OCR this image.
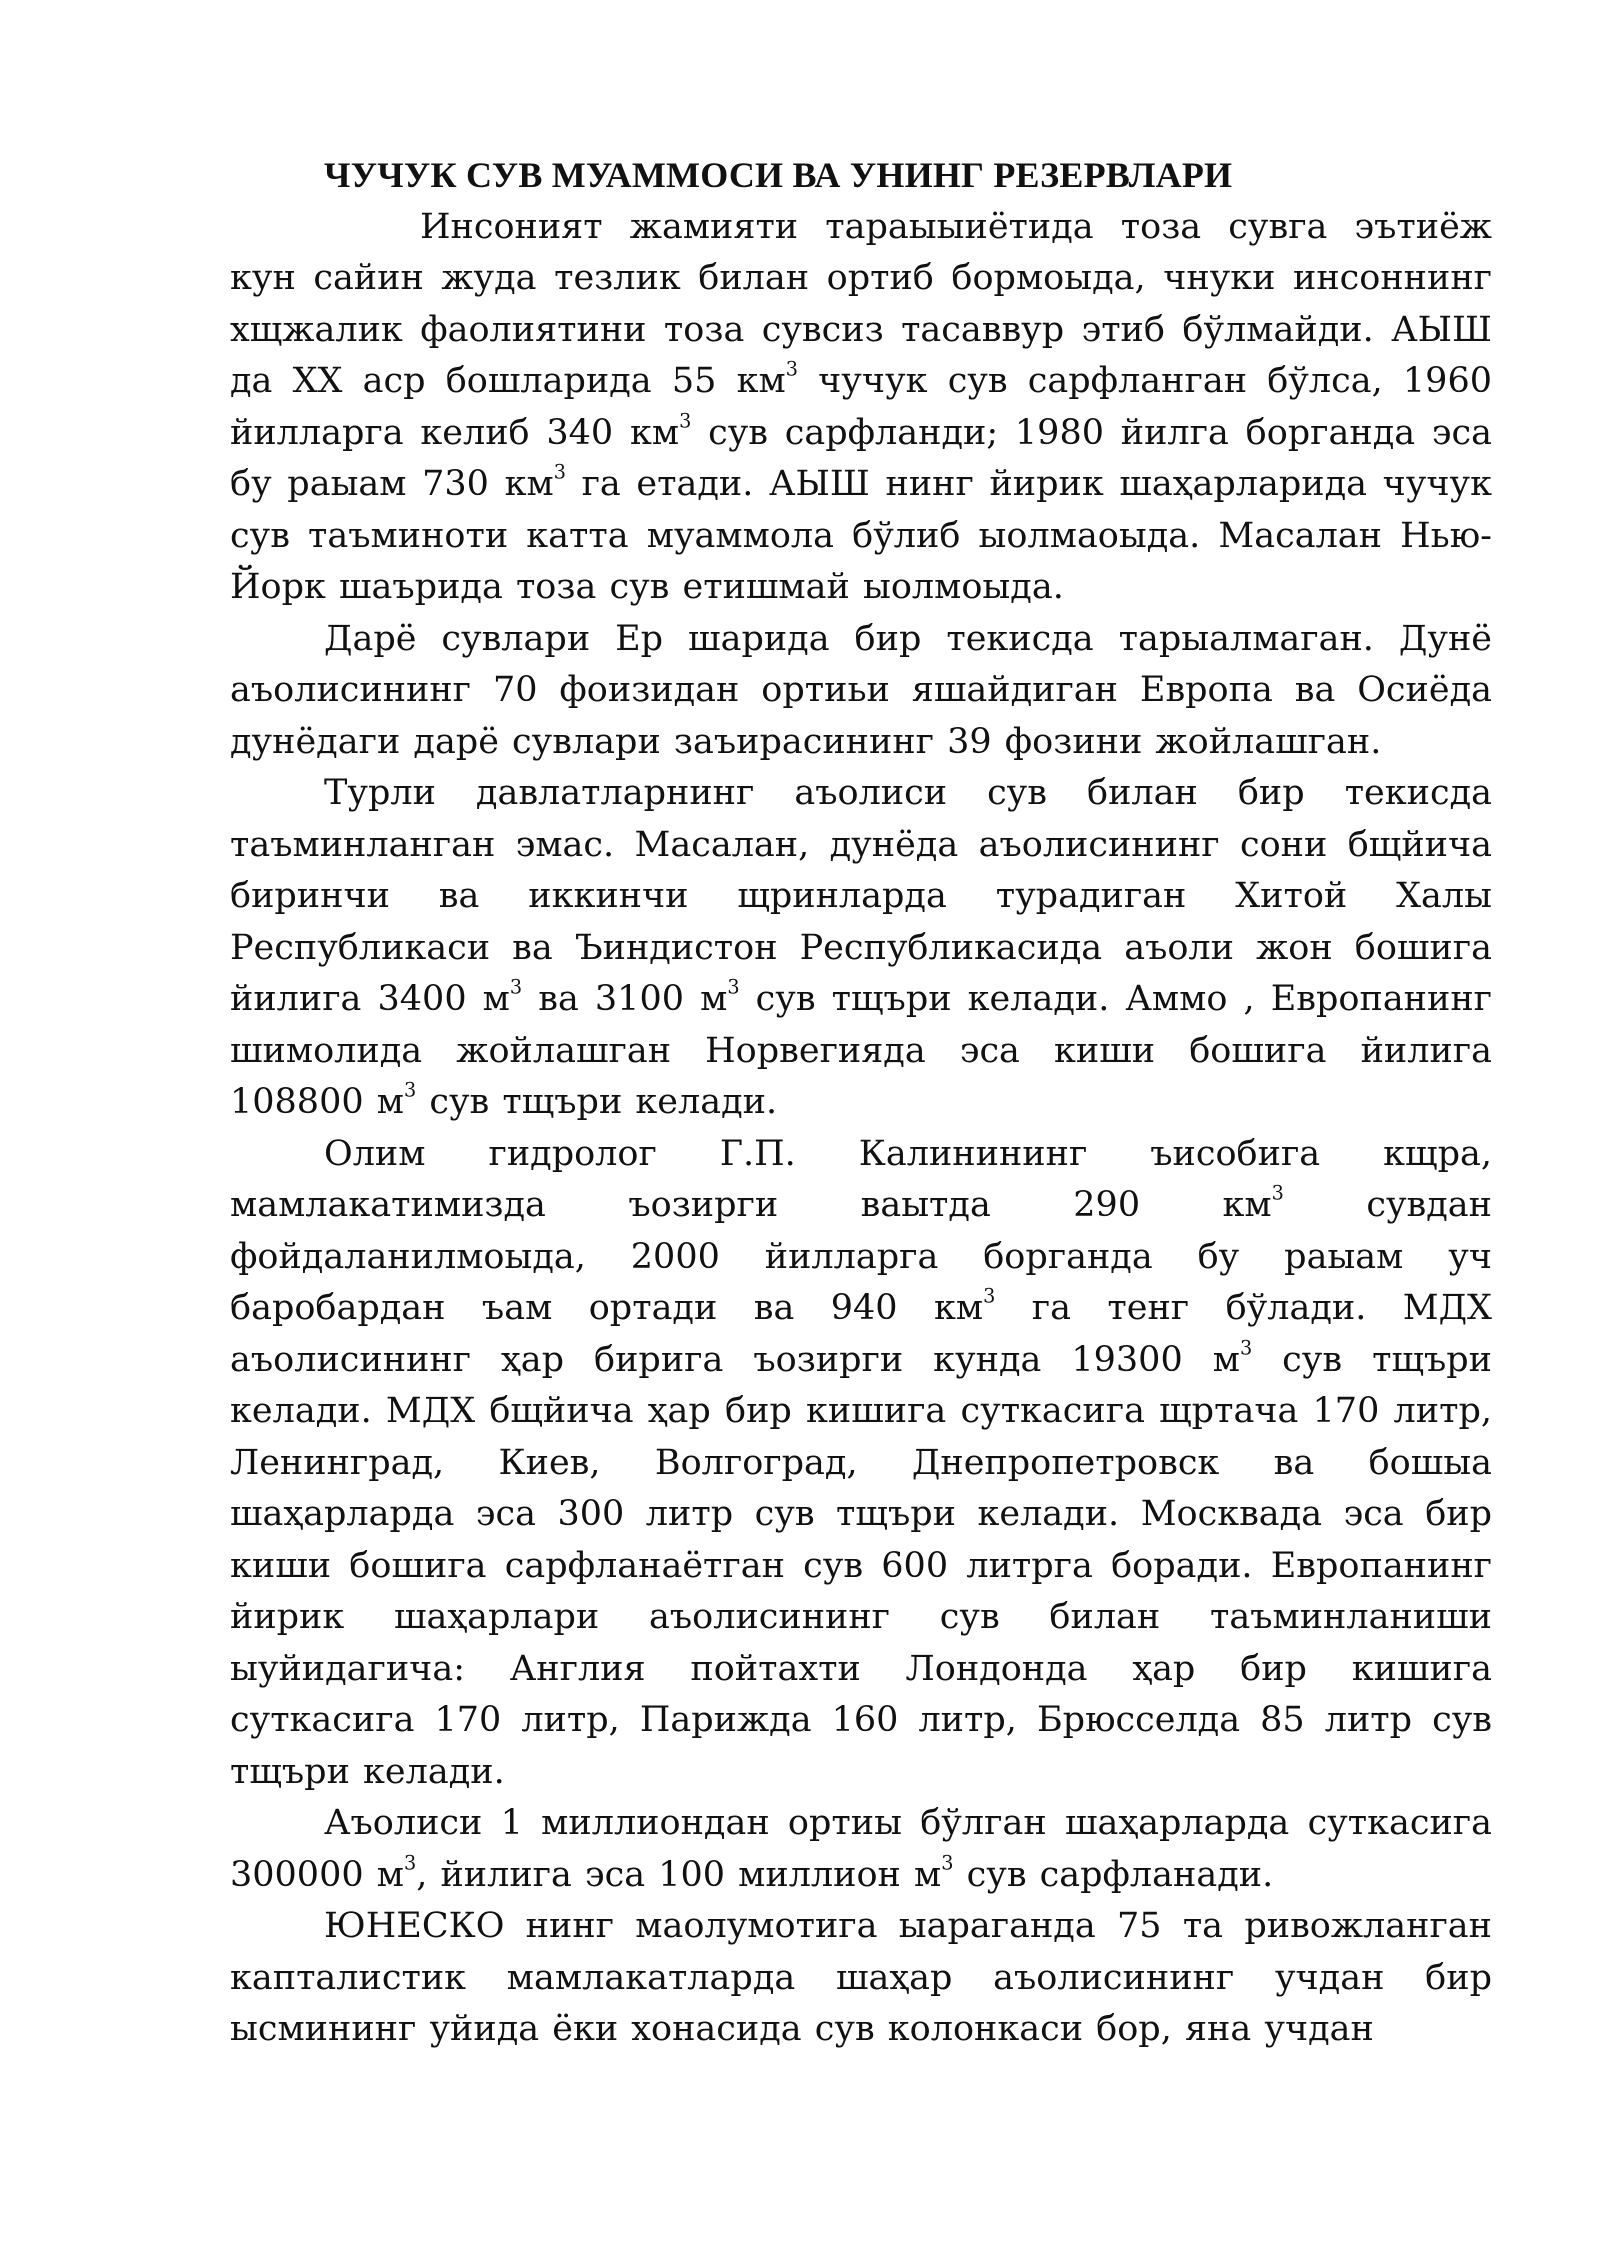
ЧУЧУК СУВ МУАММОСИ ВА УНИНГ РЕЗЕРВЛАРИ

Инсоният жамияти тараыыиётида тоза сувга эътиёж кун сайин жуда тезлик билан ортиб бормоыда, чнуки инсоннинг хщжалик фаолиятини тоза сувсиз тасаввур этиб бўлмайди. АЫШ да XX аср бошларида 55 $км^3$ чучук сув сарфланган бўлса, 1960 йилларга келиб 340 $км^3$ сув сарфланди; 1980 йилга борганда эса бу раыам 730 $км^3$ га етади. АЫШ нинг йирик шаҳарларида чучук сув таъминоти катта муаммола бўлиб ыолмаоыда. Масалан Нью-Йорк шаърида тоза сув етишмай ыолмоыда.

Дарё сувлари Ер шарида бир текисда тарыалмаган. Дунё аъолисининг 70 фоизидан ортиьи яшайдиган Европа ва Осиёда дунёдаги дарё сувлари заъирасининг 39 фозини жойлашган.

Турли давлатларнинг аъолиси сув билан бир текисда таъминланган эмас. Масалан, дунёда аъолисининг сони бщйича биринчи ва иккинчи щринларда турадиган Хитой Халы Республикаси ва Ъиндистон Республикасида аъоли жон бошига йилига 3400 $м^3$ ва 3100 $м^3$ сув тщъри келади. Аммо , Европанинг шимолида жойлашган Норвегияда эса киши бошига йилига 108800 $м^3$ сув тщъри келади.

Олим гидролог Г.П. Калинининг ъисобига кщра, мамлакатимизда ъозирги ваытда 290 $км^3$ сувдан фойдаланилмоыда, 2000 йилларга борганда бу раыам уч баробардан ъам ортади ва 940 $км^3$ га тенг бўлади. МДХ аъолисининг ҳар бирига ъозирги кунда 19300 $м^3$ сув тщъри келади. МДХ бщйича ҳар бир кишига суткасига щртача 170 литр, Ленинград, Киев, Волгоград, Днепропетровск ва бошыа шаҳарларда эса 300 литр сув тщъри келади. Москвада эса бир киши бошига сарфланаётган сув 600 литрга боради. Европанинг йирик шаҳарлари аъолисининг сув билан таъминланиши ыуйидагича: Англия пойтахти Лондонда ҳар бир кишига суткасига 170 литр, Парижда 160 литр, Брюсселда 85 литр сув тщъри келади.

Аъолиси 1 миллиондан ортиы бўлган шаҳарларда суткасига 300000 $м^3$, йилига эса 100 миллион $м^3$ сув сарфланади.

ЮНЕСКО нинг маолумотига ыараганда 75 та ривожланган капталистик мамлакатларда шаҳар аъолисининг учдан бир ысмининг уйида ёки хонасида сув колонкаси бор, яна учдан
